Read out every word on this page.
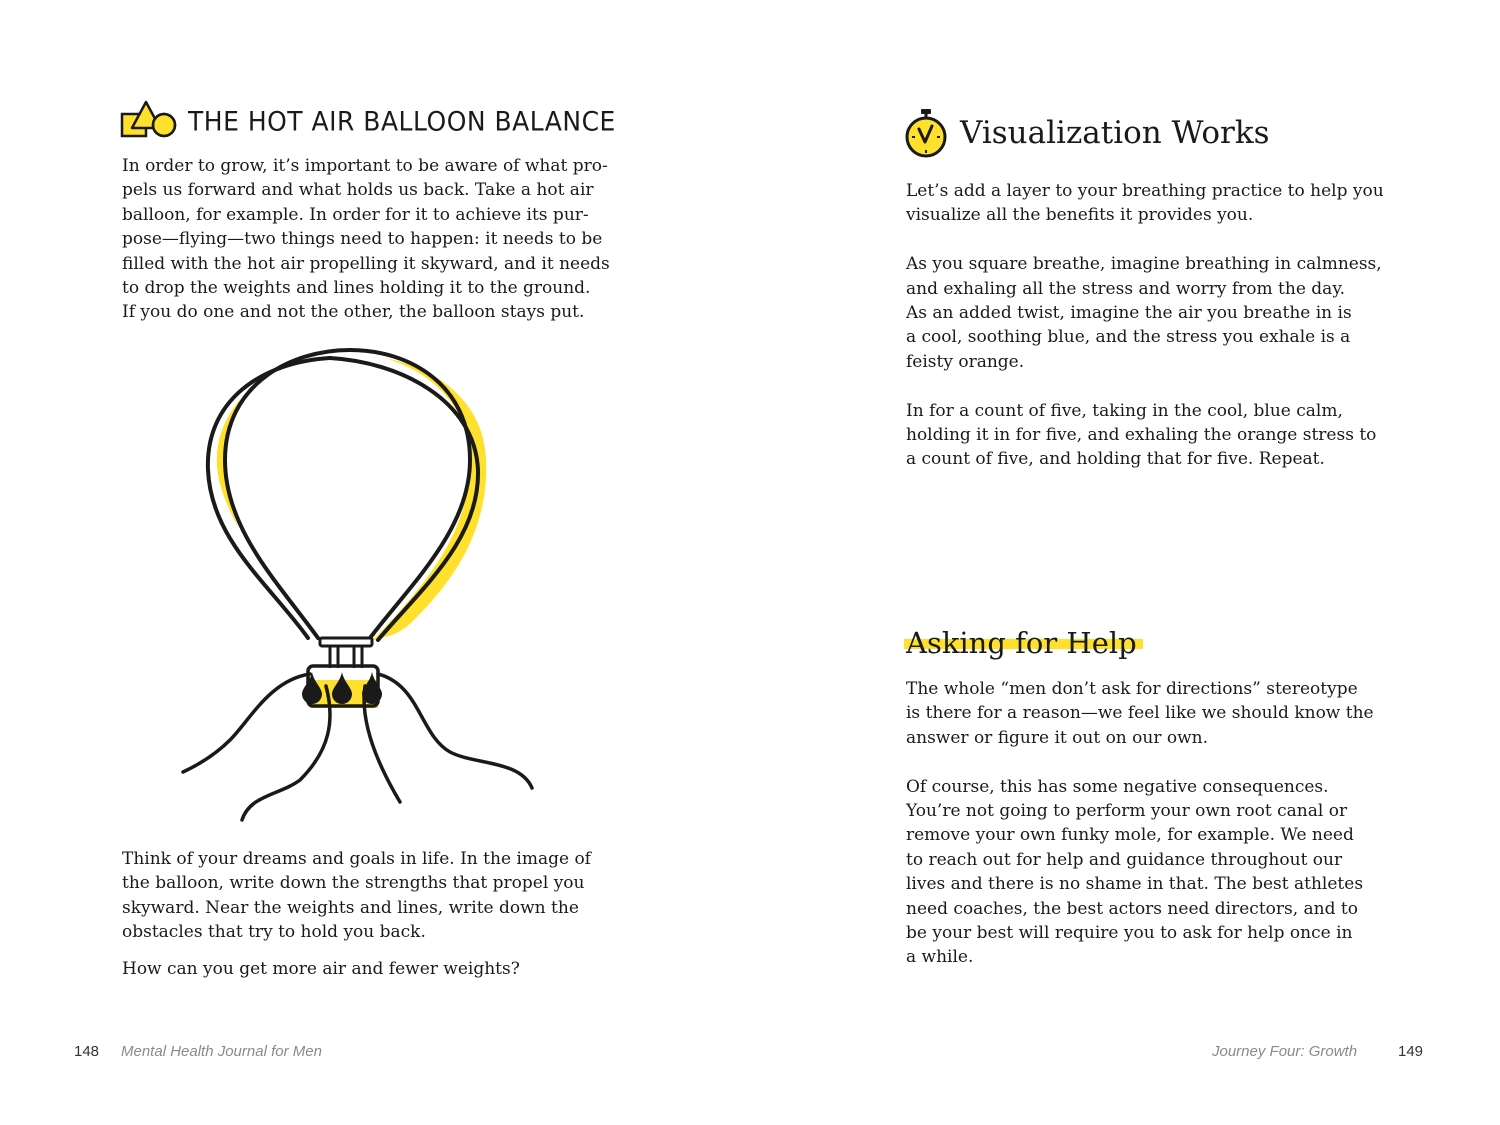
THE HOT AIR BALLOON BALANCE

In order to grow, it’s important to be aware of what pro-

pels us forward and what holds us back. Take a hot air

balloon, for example. In order for it to achieve its pur-

pose—flying—two things need to happen: it needs to be

filled with the hot air propelling it skyward, and it needs

to drop the weights and lines holding it to the ground.

If you do one and not the other, the balloon stays put.

Think of your dreams and goals in life. In the image of

the balloon, write down the strengths that propel you

skyward. Near the weights and lines, write down the

obstacles that try to hold you back.

How can you get more air and fewer weights?

148 Mental Health Journal for Men
Visualization Works

Let’s add a layer to your breathing practice to help you

visualize all the benefits it provides you.

As you square breathe, imagine breathing in calmness,

and exhaling all the stress and worry from the day.

As an added twist, imagine the air you breathe in is

a cool, soothing blue, and the stress you exhale is a

feisty orange.

In for a count of five, taking in the cool, blue calm,

holding it in for five, and exhaling the orange stress to

a count of five, and holding that for five. Repeat.

Asking for Help

The whole “men don’t ask for directions” stereotype

is there for a reason—we feel like we should know the

answer or figure it out on our own.

Of course, this has some negative consequences.

You’re not going to perform your own root canal or

remove your own funky mole, for example. We need

to reach out for help and guidance throughout our

lives and there is no shame in that. The best athletes

need coaches, the best actors need directors, and to

be your best will require you to ask for help once in

a while.

Journey Four: Growth	149
